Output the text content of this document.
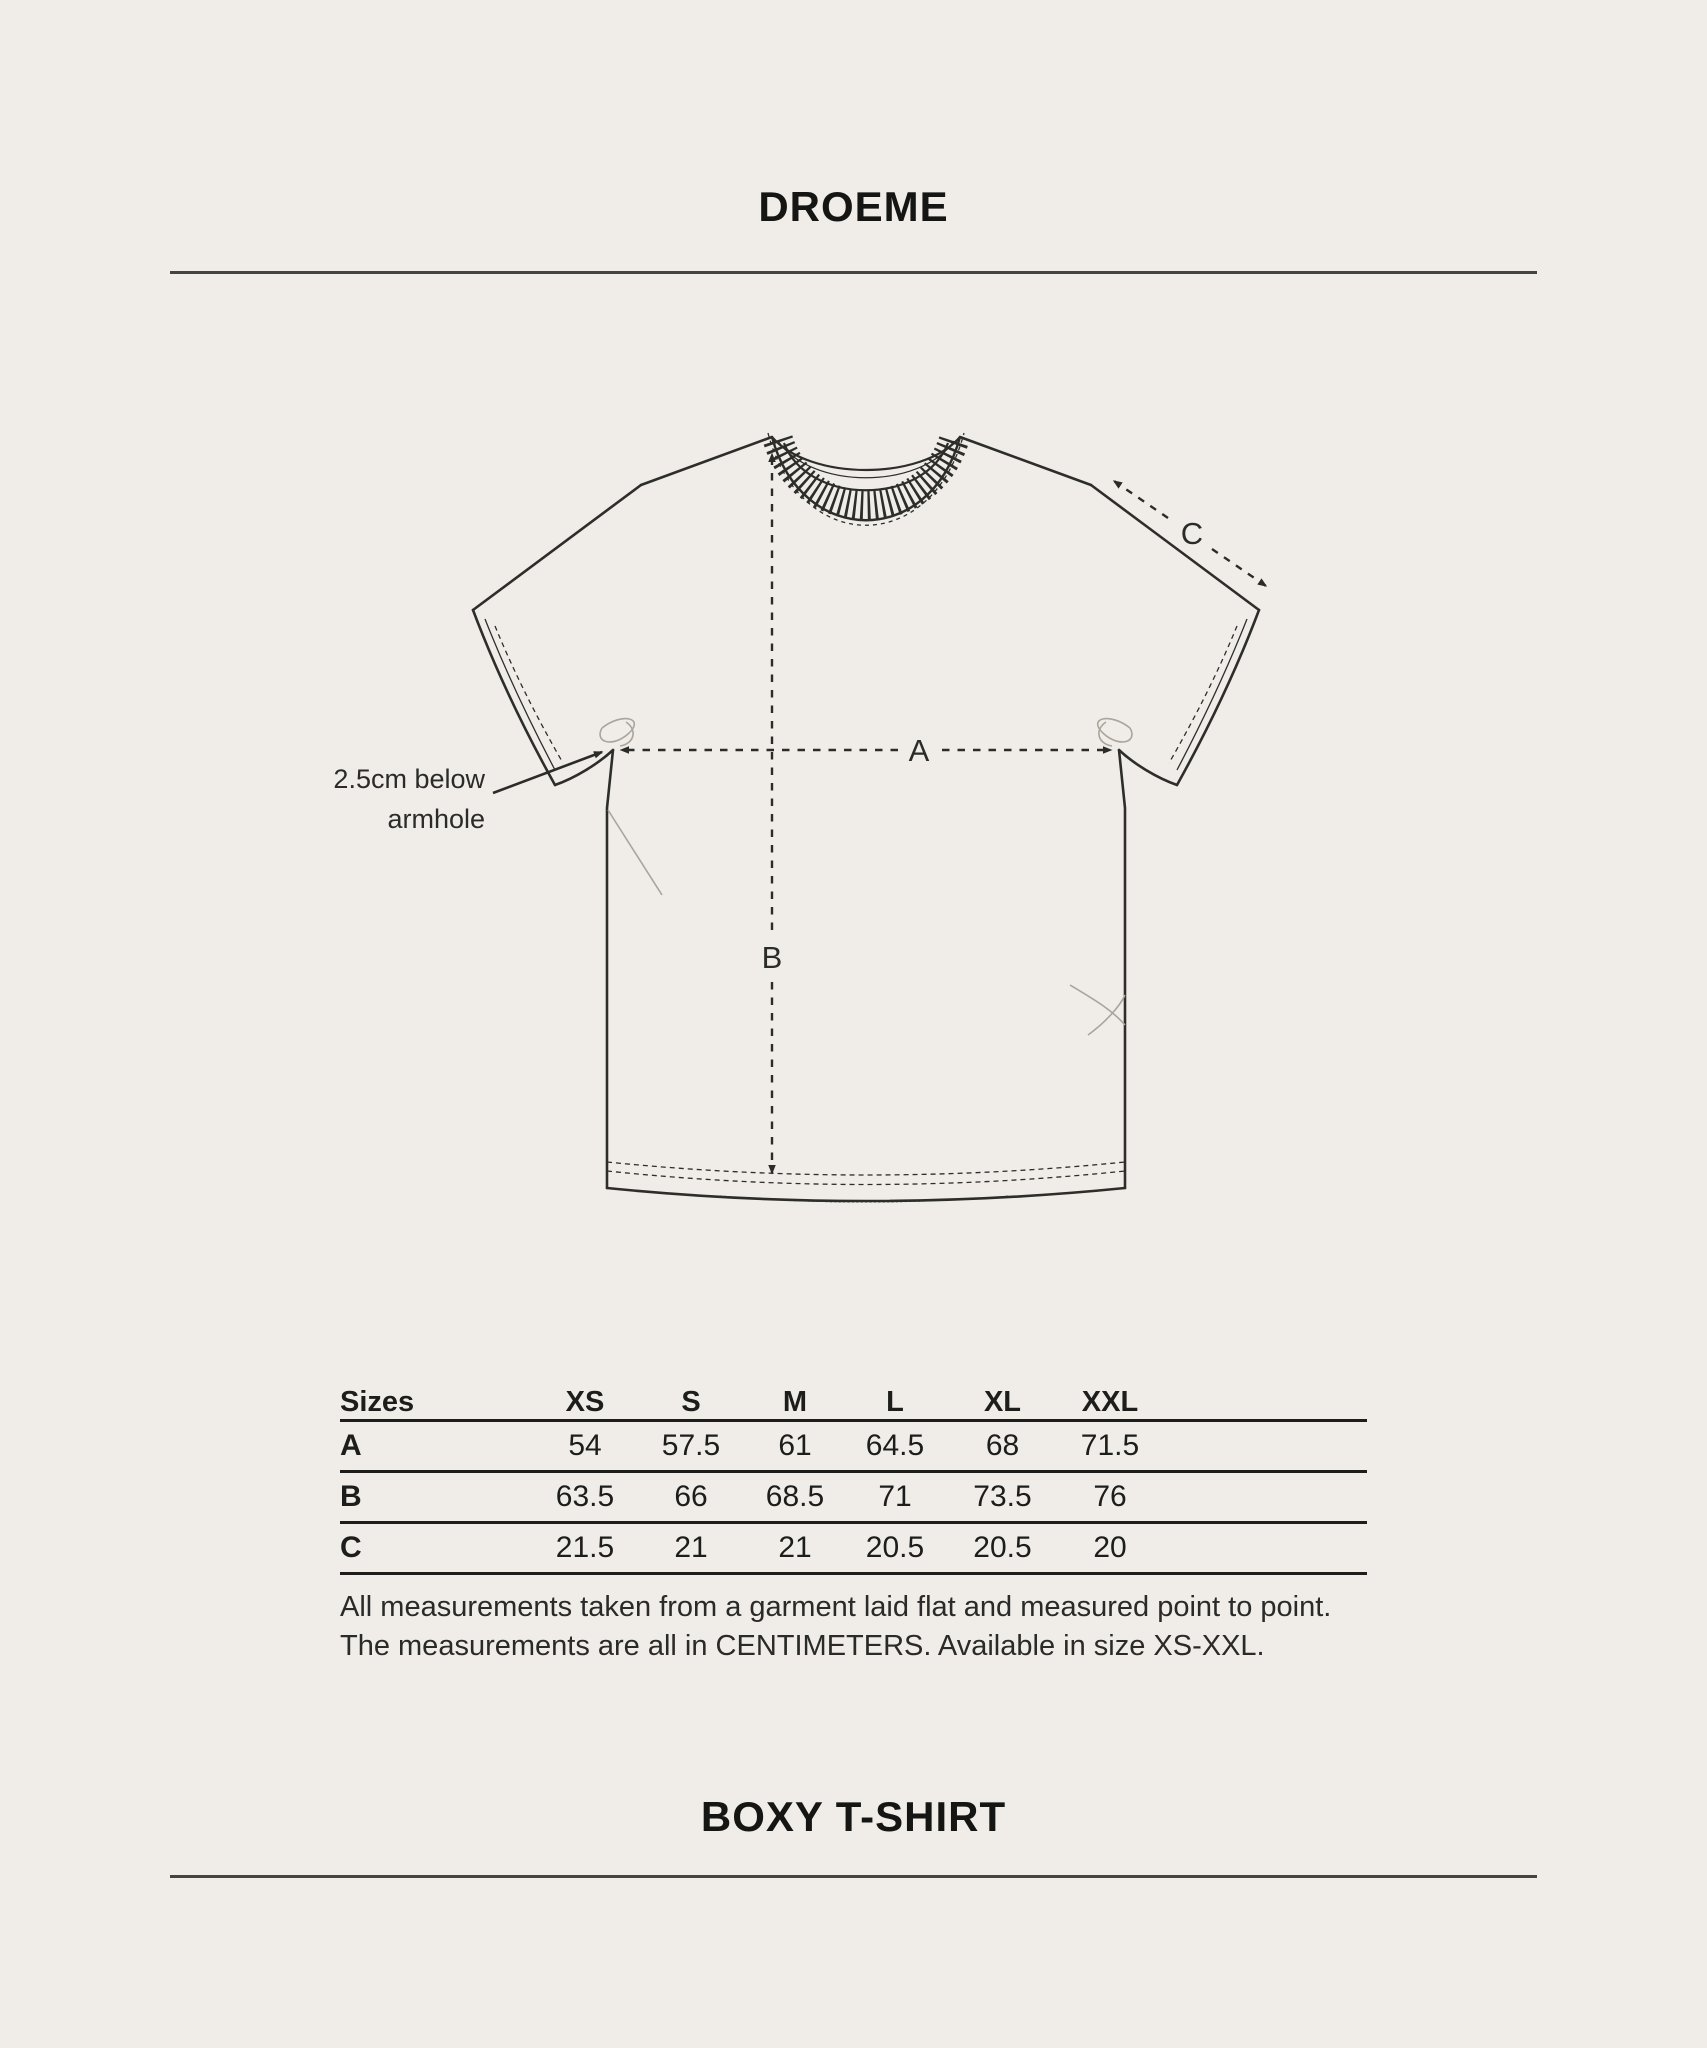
DROEME
A
B
C
2.5cm below
armhole
Sizes	XS	S	M	L	XL	XXL
A	54	57.5	61	64.5	68	71.5
B	63.5	66	68.5	71	73.5	76
C	21.5	21	21	20.5	20.5	20
All measurements taken from a garment laid flat and measured point to point.
The measurements are all in CENTIMETERS. Available in size XS-XXL.
BOXY T-SHIRT
